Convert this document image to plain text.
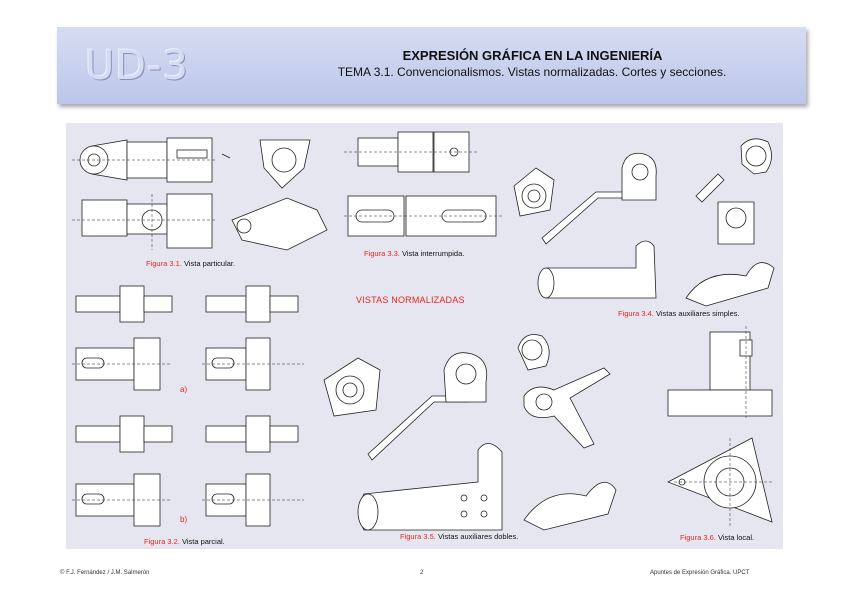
UD-3	EXPRESIÓN GRÁFICA EN LA INGENIERÍA
TEMA 3.1. Convencionalismos. Vistas normalizadas. Cortes y secciones.
Figura 3.1. Vista particular.
Figura 3.3. Vista interrumpida.
Figura 3.4. Vistas auxiliares simples.
a)
b)
Figura 3.2. Vista parcial.
VISTAS NORMALIZADAS
Figura 3.5. Vistas auxiliares dobles.	Figura 3.6. Vista local.
© F.J. Fernández / J.M. Salmerón	2	Apuntes de Expresión Gráfica. UPCT
